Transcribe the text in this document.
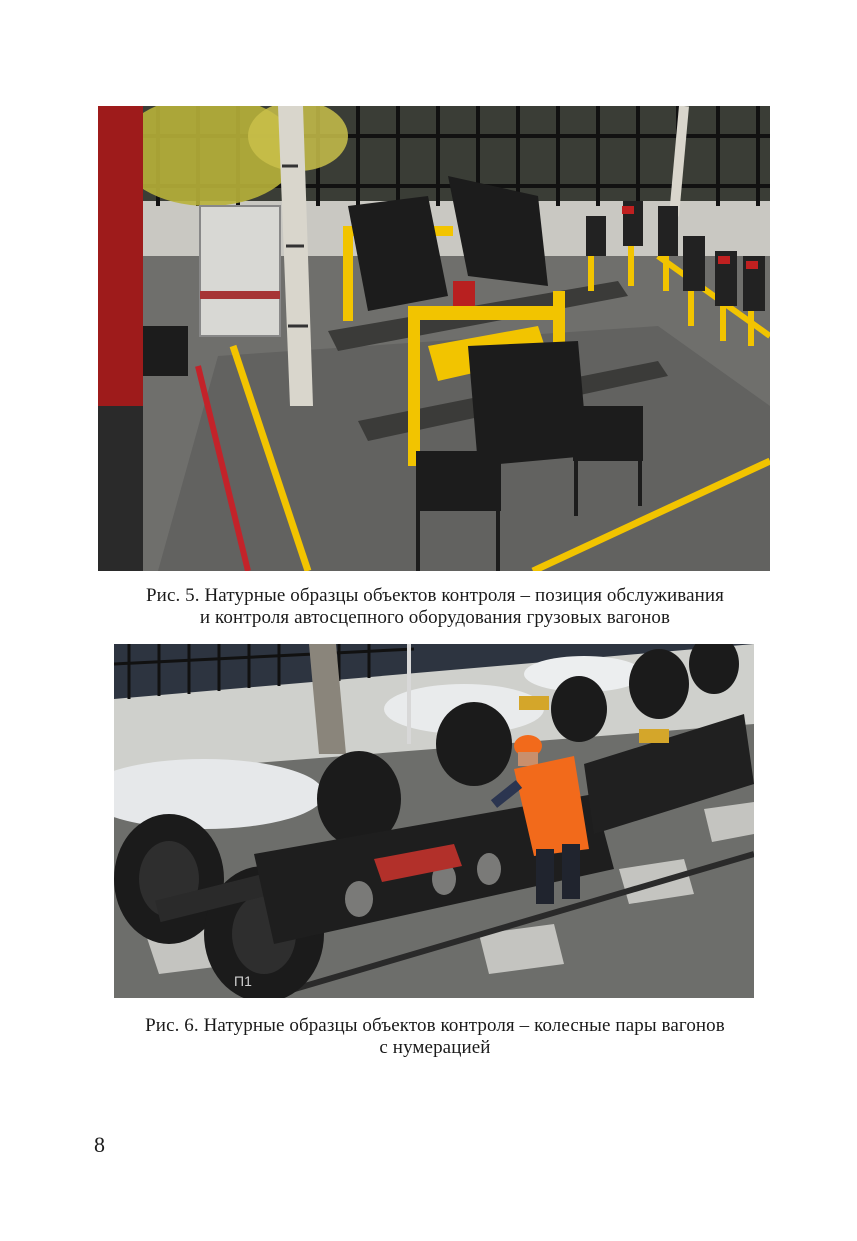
Рис. 5. Натурные образцы объектов контроля – позиция обслуживания
и контроля автосцепного оборудования грузовых вагонов
П1
Рис. 6. Натурные образцы объектов контроля – колесные пары вагонов
с нумерацией
8
